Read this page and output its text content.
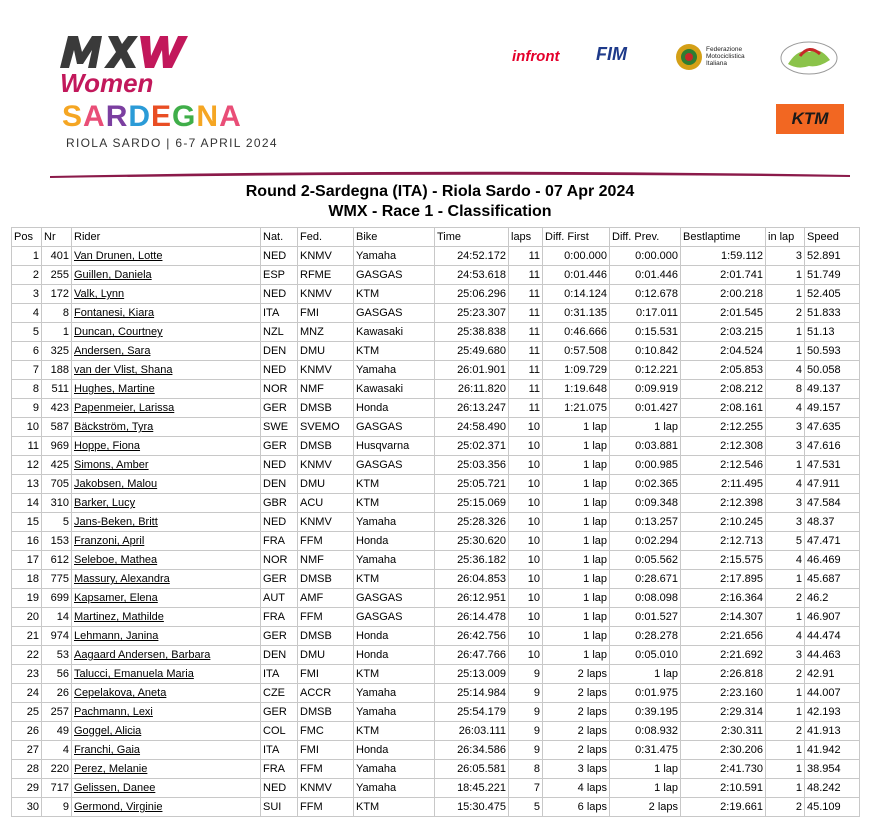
Women
SARDEGNA
RIOLA SARDO | 6-7 APRIL 2024
infront	FIM	Federazione Motociclistica Italiana
KTM
Round 2-Sardegna (ITA) - Riola Sardo - 07 Apr 2024
WMX - Race 1 - Classification
Pos	Nr	Rider	Nat.	Fed.	Bike	Time	laps	Diff. First	Diff. Prev.	Bestlaptime	in lap	Speed
1	401	Van Drunen, Lotte	NED	KNMV	Yamaha	24:52.172	11	0:00.000	0:00.000	1:59.112	3	52.891
2	255	Guillen, Daniela	ESP	RFME	GASGAS	24:53.618	11	0:01.446	0:01.446	2:01.741	1	51.749
3	172	Valk, Lynn	NED	KNMV	KTM	25:06.296	11	0:14.124	0:12.678	2:00.218	1	52.405
4	8	Fontanesi, Kiara	ITA	FMI	GASGAS	25:23.307	11	0:31.135	0:17.011	2:01.545	2	51.833
5	1	Duncan, Courtney	NZL	MNZ	Kawasaki	25:38.838	11	0:46.666	0:15.531	2:03.215	1	51.13
6	325	Andersen, Sara	DEN	DMU	KTM	25:49.680	11	0:57.508	0:10.842	2:04.524	1	50.593
7	188	van der Vlist, Shana	NED	KNMV	Yamaha	26:01.901	11	1:09.729	0:12.221	2:05.853	4	50.058
8	511	Hughes, Martine	NOR	NMF	Kawasaki	26:11.820	11	1:19.648	0:09.919	2:08.212	8	49.137
9	423	Papenmeier, Larissa	GER	DMSB	Honda	26:13.247	11	1:21.075	0:01.427	2:08.161	4	49.157
10	587	Bäckström, Tyra	SWE	SVEMO	GASGAS	24:58.490	10	1 lap	1 lap	2:12.255	3	47.635
11	969	Hoppe, Fiona	GER	DMSB	Husqvarna	25:02.371	10	1 lap	0:03.881	2:12.308	3	47.616
12	425	Simons, Amber	NED	KNMV	GASGAS	25:03.356	10	1 lap	0:00.985	2:12.546	1	47.531
13	705	Jakobsen, Malou	DEN	DMU	KTM	25:05.721	10	1 lap	0:02.365	2:11.495	4	47.911
14	310	Barker, Lucy	GBR	ACU	KTM	25:15.069	10	1 lap	0:09.348	2:12.398	3	47.584
15	5	Jans-Beken, Britt	NED	KNMV	Yamaha	25:28.326	10	1 lap	0:13.257	2:10.245	3	48.37
16	153	Franzoni, April	FRA	FFM	Honda	25:30.620	10	1 lap	0:02.294	2:12.713	5	47.471
17	612	Seleboe, Mathea	NOR	NMF	Yamaha	25:36.182	10	1 lap	0:05.562	2:15.575	4	46.469
18	775	Massury, Alexandra	GER	DMSB	KTM	26:04.853	10	1 lap	0:28.671	2:17.895	1	45.687
19	699	Kapsamer, Elena	AUT	AMF	GASGAS	26:12.951	10	1 lap	0:08.098	2:16.364	2	46.2
20	14	Martinez, Mathilde	FRA	FFM	GASGAS	26:14.478	10	1 lap	0:01.527	2:14.307	1	46.907
21	974	Lehmann, Janina	GER	DMSB	Honda	26:42.756	10	1 lap	0:28.278	2:21.656	4	44.474
22	53	Aagaard Andersen, Barbara	DEN	DMU	Honda	26:47.766	10	1 lap	0:05.010	2:21.692	3	44.463
23	56	Talucci, Emanuela Maria	ITA	FMI	KTM	25:13.009	9	2 laps	1 lap	2:26.818	2	42.91
24	26	Cepelakova, Aneta	CZE	ACCR	Yamaha	25:14.984	9	2 laps	0:01.975	2:23.160	1	44.007
25	257	Pachmann, Lexi	GER	DMSB	Yamaha	25:54.179	9	2 laps	0:39.195	2:29.314	1	42.193
26	49	Goggel, Alicia	COL	FMC	KTM	26:03.111	9	2 laps	0:08.932	2:30.311	2	41.913
27	4	Franchi, Gaia	ITA	FMI	Honda	26:34.586	9	2 laps	0:31.475	2:30.206	1	41.942
28	220	Perez, Melanie	FRA	FFM	Yamaha	26:05.581	8	3 laps	1 lap	2:41.730	1	38.954
29	717	Gelissen, Danee	NED	KNMV	Yamaha	18:45.221	7	4 laps	1 lap	2:10.591	1	48.242
30	9	Germond, Virginie	SUI	FFM	KTM	15:30.475	5	6 laps	2 laps	2:19.661	2	45.109
